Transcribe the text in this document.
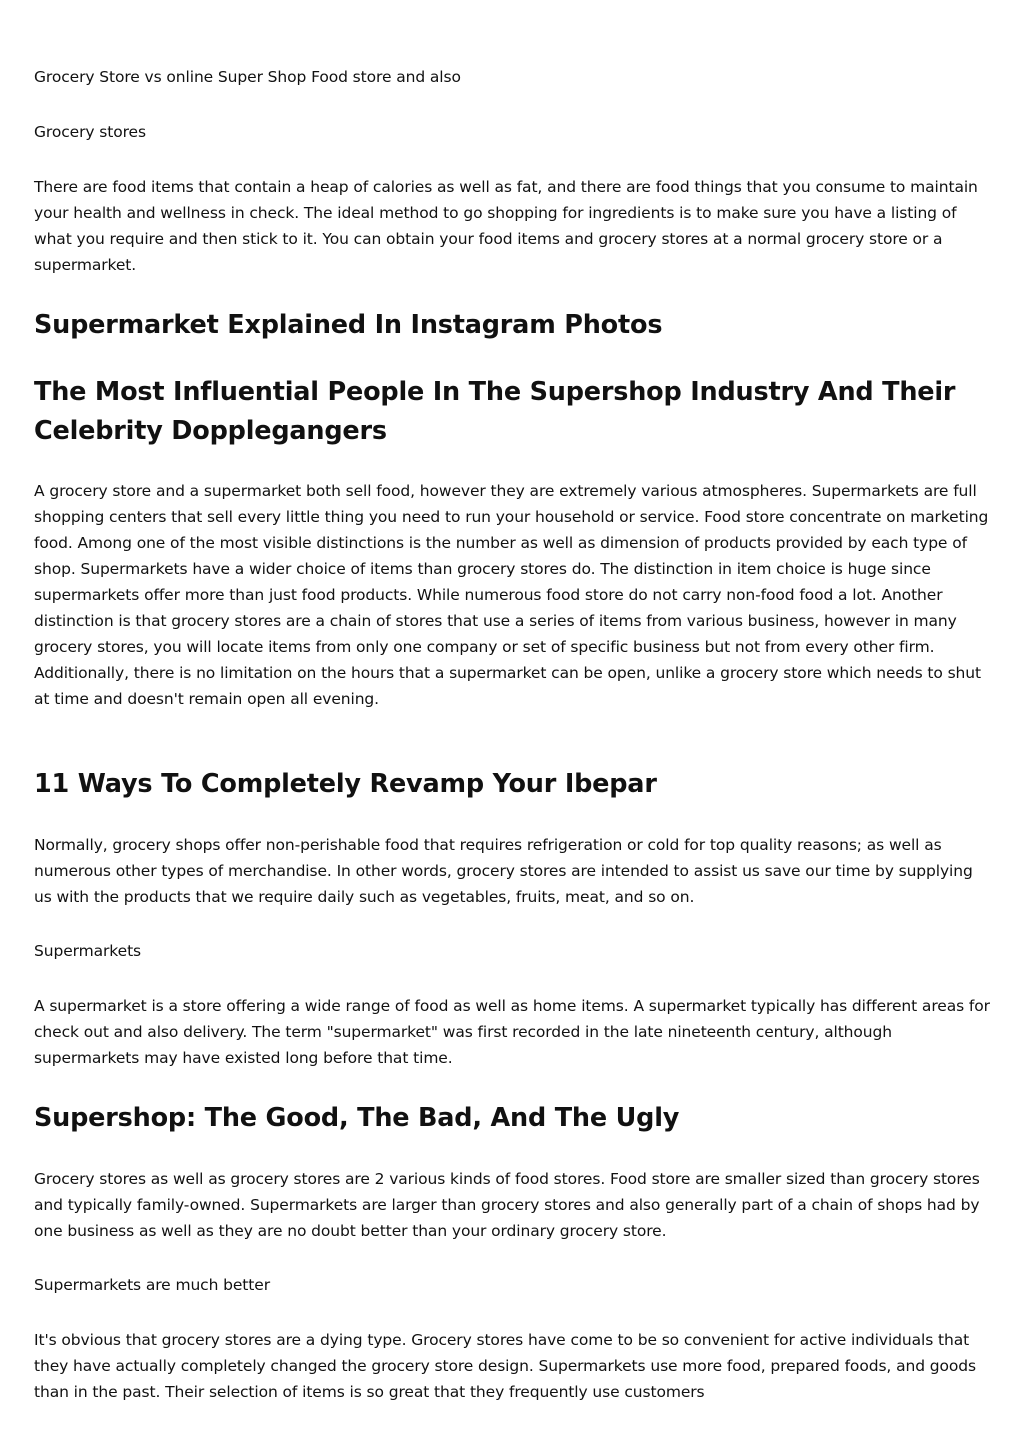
Grocery Store vs online Super Shop Food store and also

Grocery stores

There are food items that contain a heap of calories as well as fat, and there are food things that you consume to maintain your health and wellness in check. The ideal method to go shopping for ingredients is to make sure you have a listing of what you require and then stick to it. You can obtain your food items and grocery stores at a normal grocery store or a supermarket.

Supermarket Explained In Instagram Photos
The Most Influential People In The Supershop Industry And Their Celebrity Dopplegangers

A grocery store and a supermarket both sell food, however they are extremely various atmospheres. Supermarkets are full shopping centers that sell every little thing you need to run your household or service. Food store concentrate on marketing food. Among one of the most visible distinctions is the number as well as dimension of products provided by each type of shop. Supermarkets have a wider choice of items than grocery stores do. The distinction in item choice is huge since supermarkets offer more than just food products. While numerous food store do not carry non-food food a lot. Another distinction is that grocery stores are a chain of stores that use a series of items from various business, however in many grocery stores, you will locate items from only one company or set of specific business but not from every other firm. Additionally, there is no limitation on the hours that a supermarket can be open, unlike a grocery store which needs to shut at time and doesn't remain open all evening.

11 Ways To Completely Revamp Your Ibepar

Normally, grocery shops offer non-perishable food that requires refrigeration or cold for top quality reasons; as well as numerous other types of merchandise. In other words, grocery stores are intended to assist us save our time by supplying us with the products that we require daily such as vegetables, fruits, meat, and so on.

Supermarkets

A supermarket is a store offering a wide range of food as well as home items. A supermarket typically has different areas for check out and also delivery. The term "supermarket" was first recorded in the late nineteenth century, although supermarkets may have existed long before that time.

Supershop: The Good, The Bad, And The Ugly

Grocery stores as well as grocery stores are 2 various kinds of food stores. Food store are smaller sized than grocery stores and typically family-owned. Supermarkets are larger than grocery stores and also generally part of a chain of shops had by one business as well as they are no doubt better than your ordinary grocery store.

Supermarkets are much better

It's obvious that grocery stores are a dying type. Grocery stores have come to be so convenient for active individuals that they have actually completely changed the grocery store design. Supermarkets use more food, prepared foods, and goods than in the past. Their selection of items is so great that they frequently use customers
